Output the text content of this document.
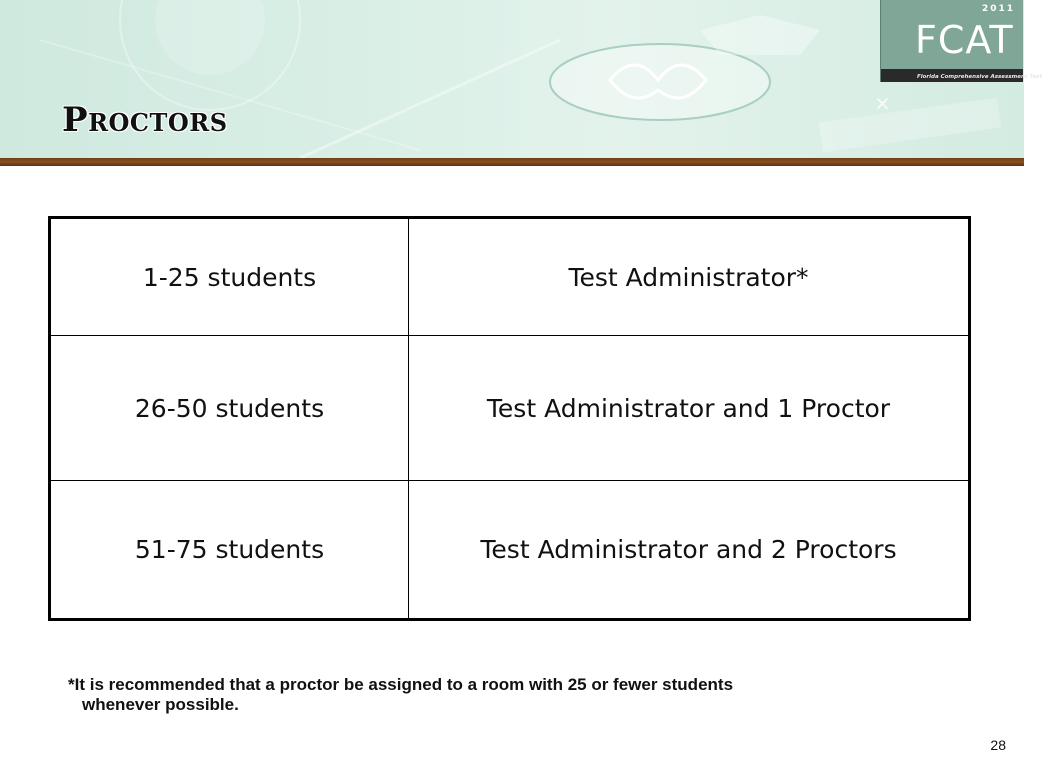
×
2011
FCAT
Florida Comprehensive Assessment Test
Proctors
1-25 students	Test Administrator*
26-50 students	Test Administrator and 1 Proctor
51-75 students	Test Administrator and 2 Proctors
*It is recommended that a proctor be assigned to a room with 25 or fewer students
whenever possible.
28
